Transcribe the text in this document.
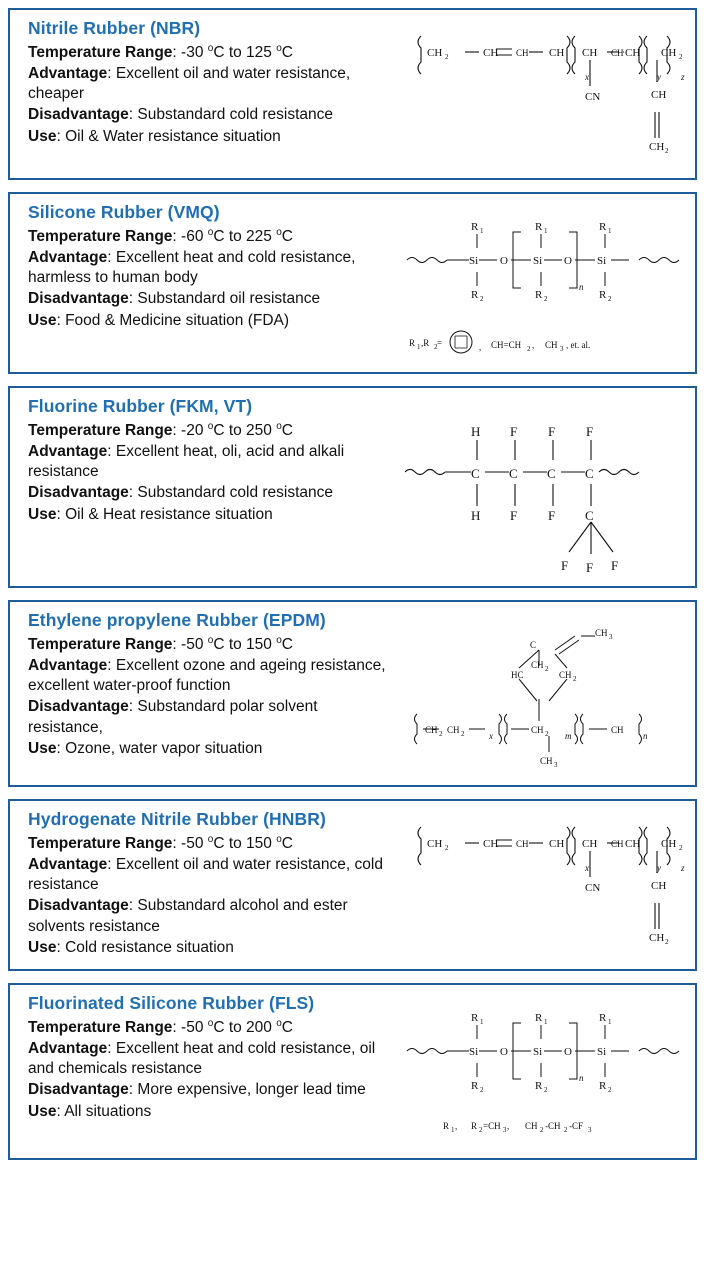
Nitrile Rubber (NBR)
Temperature Range: -30 $^o$C to 125 $^o$C
Advantage: Excellent oil and water resistance, cheaper
Disadvantage: Substandard cold resistance
Use: Oil & Water resistance situation
CH 2	CH CH CH CH CH CH CH 2
CN	CH
CH 2
x	y z
Silicone Rubber (VMQ)
Temperature Range: -60 $^o$C to 225 $^o$C
Advantage: Excellent heat and cold resistance, harmless to human body
Disadvantage: Substandard oil resistance
Use: Food & Medicine situation (FDA)
Si	Si	Si
O	O
R 1	R 1	R 1
R 2	R 2	R 2
n
R 1 ,R 2 =	, CH=CH 2 , CH 3 , et. al.
Fluorine Rubber (FKM, VT)
Temperature Range: -20 $^o$C to 250 $^o$C
Advantage: Excellent heat, oli, acid and alkali resistance
Disadvantage: Substandard cold resistance
Use: Oil & Heat resistance situation
C C C C
H F F F
H F F C
F F F
Ethylene propylene Rubber (EPDM)
Temperature Range: -50 $^o$C to 150 $^o$C
Advantage: Excellent ozone and ageing resistance, excellent water-proof function
Disadvantage: Substandard polar solvent resistance,
Use: Ozone, water vapor situation
CH 2 CH 2	x	m	n
CH 2	CH
HC	CH 2
C
CH 3
CH 2
CH 3
Hydrogenate Nitrile Rubber (HNBR)
Temperature Range: -50 $^o$C to 150 $^o$C
Advantage: Excellent oil and water resistance, cold resistance
Disadvantage: Substandard alcohol and ester solvents resistance
Use: Cold resistance situation
CH 2	CH CH CH CH CH CH CH 2
CN	CH
CH 2
x	y z
Fluorinated Silicone Rubber (FLS)
Temperature Range: -50 $^o$C to 200 $^o$C
Advantage: Excellent heat and cold resistance, oil and chemicals resistance
Disadvantage: More expensive, longer lead time
Use: All situations
Si	Si	Si
O	O
R 1	R 1	R 1
R 2	R 2	R 2
n
R 1 , R 2 =CH 3 , CH 2 -CH 2 -CF 3
